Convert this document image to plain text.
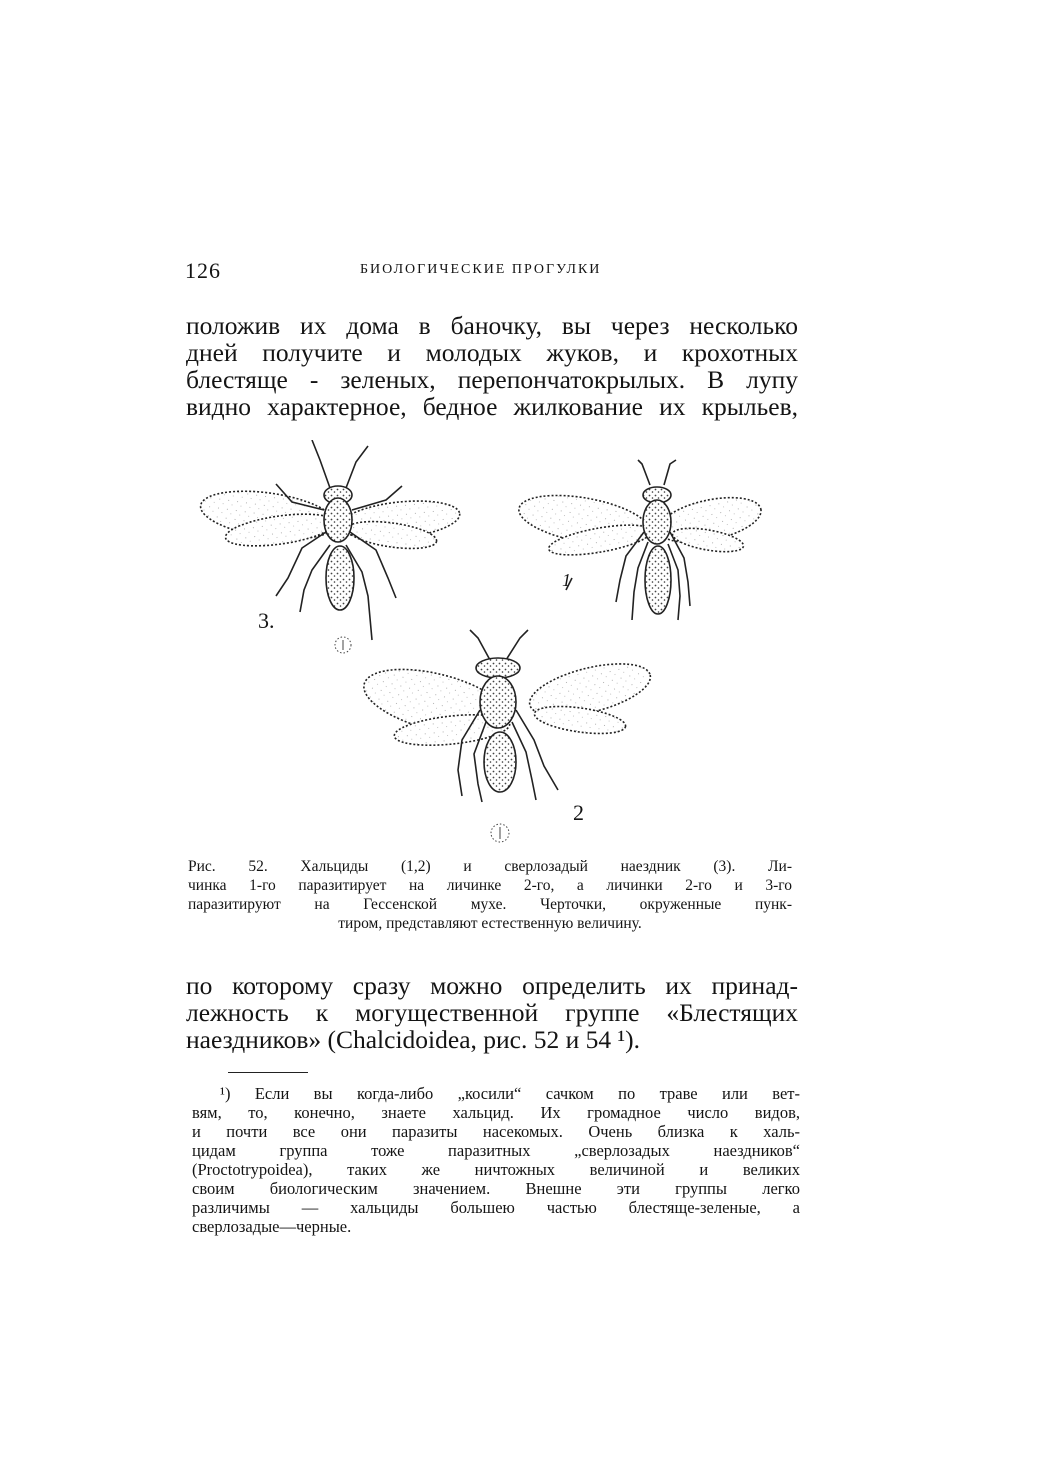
126	БИОЛОГИЧЕСКИЕ ПРОГУЛКИ
положив их дома в баночку, вы через несколько
дней получите и молодых жуков, и крохотных
блестяще - зеленых, перепончатокрылых. В лупу
видно характерное, бедное жилкование их крыльев,
3.
1
2
Рис. 52. Хальциды (1,2) и сверлозадый наездник (3). Ли-
чинка 1-го паразитирует на личинке 2-го, а личинки 2-го и 3-го
паразитируют на Гессенской мухе. Черточки, окруженные пунк-
тиром, представляют естественную величину.
по которому сразу можно определить их принад-
лежность к могущественной группе «Блестящих
наездников» (Chalcidoidea, рис. 52 и 54 ¹).
¹) Если вы когда-либо „косили“ сачком по траве или вет-
вям, то, конечно, знаете хальцид. Их громадное число видов,
и почти все они паразиты насекомых. Очень близка к халь-
цидам группа тоже паразитных „сверлозадых наездников“
(Proctotrypoidea), таких же ничтожных величиной и великих
своим биологическим значением. Внешне эти группы легко
различимы — хальциды большею частью блестяще-зеленые, а
сверлозадые—черные.
